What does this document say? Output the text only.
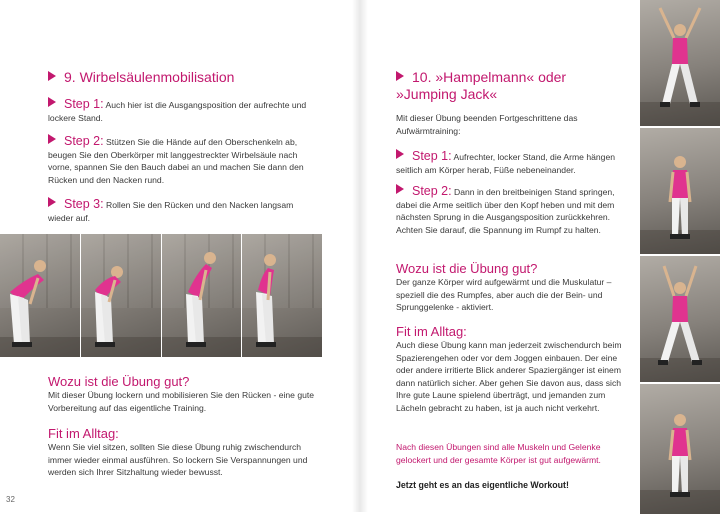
9. Wirbelsäulenmobilisation
Step 1: Auch hier ist die Ausgangsposition der aufrechte und lockere Stand.
Step 2: Stützen Sie die Hände auf den Oberschenkeln ab, beugen Sie den Oberkörper mit langgestreckter Wirbelsäule nach vorne, spannen Sie den Bauch dabei an und machen Sie dann den Rücken und den Nacken rund.
Step 3: Rollen Sie den Rücken und den Nacken langsam wieder auf.
Wozu ist die Übung gut?
Mit dieser Übung lockern und mobilisieren Sie den Rücken - eine gute Vorbereitung auf das eigentliche Training.
Fit im Alltag:
Wenn Sie viel sitzen, sollten Sie diese Übung ruhig zwischendurch immer wieder einmal ausführen. So lockern Sie Verspannungen und werden sich Ihrer Sitzhaltung wieder bewusst.
32
10. »Hampelmann« oder »Jumping Jack«
Mit dieser Übung beenden Fortgeschrittene das Aufwärmtraining:
Step 1: Aufrechter, locker Stand, die Arme hängen seitlich am Körper herab, Füße nebeneinander.
Step 2: Dann in den breitbeinigen Stand springen, dabei die Arme seitlich über den Kopf heben und mit dem nächsten Sprung in die Ausgangsposition zurückkehren. Achten Sie darauf, die Spannung im Rumpf zu halten.
Wozu ist die Übung gut?
Der ganze Körper wird aufgewärmt und die Muskulatur – speziell die des Rumpfes, aber auch die der Bein- und Sprunggelenke - aktiviert.
Fit im Alltag:
Auch diese Übung kann man jederzeit zwischendurch beim Spazierengehen oder vor dem Joggen einbauen. Der eine oder andere irritierte Blick anderer Spaziergänger ist einem dann natürlich sicher. Aber gehen Sie davon aus, dass sich Ihre gute Laune spielend überträgt, und jemanden zum Lächeln gebracht zu haben, ist ja auch nicht verkehrt.
Nach diesen Übungen sind alle Muskeln und Gelenke gelockert und der gesamte Körper ist gut aufgewärmt.
Jetzt geht es an das eigentliche Workout!
